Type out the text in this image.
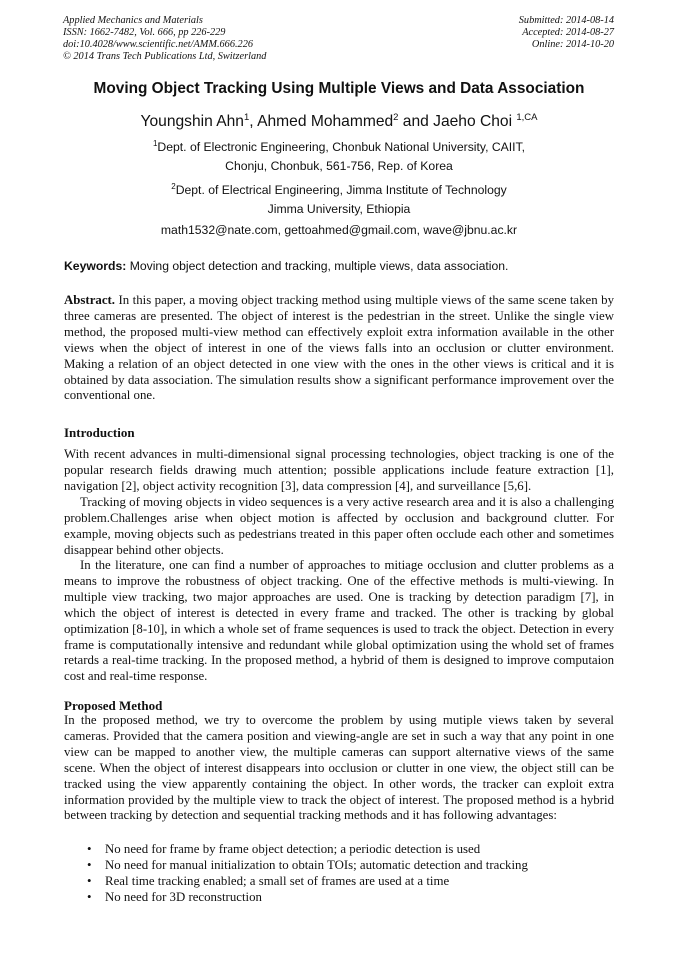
Applied Mechanics and Materials
ISSN: 1662-7482, Vol. 666, pp 226-229
doi:10.4028/www.scientific.net/AMM.666.226
© 2014 Trans Tech Publications Ltd, Switzerland
Submitted: 2014-08-14
Accepted: 2014-08-27
Online: 2014-10-20
Moving Object Tracking Using Multiple Views and Data Association
Youngshin Ahn$^1$, Ahmed Mohammed$^2$ and Jaeho Choi $^{1,CA}$
$^1$Dept. of Electronic Engineering, Chonbuk National University, CAIIT,
Chonju, Chonbuk, 561-756, Rep. of Korea
$^2$Dept. of Electrical Engineering, Jimma Institute of Technology
Jimma University, Ethiopia
math1532@nate.com, gettoahmed@gmail.com, wave@jbnu.ac.kr
Keywords: Moving object detection and tracking, multiple views, data association.
Abstract. In this paper, a moving object tracking method using multiple views of the same scene taken by three cameras are presented. The object of interest is the pedestrian in the street. Unlike the single view method, the proposed multi-view method can effectively exploit extra information available in the other views when the object of interest in one of the views falls into an occlusion or clutter environment. Making a relation of an object detected in one view with the ones in the other views is critical and it is obtained by data association. The simulation results show a significant performance improvement over the conventional one.
Introduction
With recent advances in multi-dimensional signal processing technologies, object tracking is one of the popular research fields drawing much attention; possible applications include feature extraction [1], navigation [2], object activity recognition [3], data compression [4], and surveillance [5,6].
Tracking of moving objects in video sequences is a very active research area and it is also a challenging problem.Challenges arise when object motion is affected by occlusion and background clutter. For example, moving objects such as pedestrians treated in this paper often occlude each other and sometimes disappear behind other objects.
In the literature, one can find a number of approaches to mitiage occlusion and clutter problems as a means to improve the robustness of object tracking. One of the effective methods is multi-viewing. In multiple view tracking, two major approaches are used. One is tracking by detection paradigm [7], in which the object of interest is detected in every frame and tracked. The other is tracking by global optimization [8-10], in which a whole set of frame sequences is used to track the object. Detection in every frame is computationally intensive and redundant while global optimization using the whold set of frames retards a real-time tracking. In the proposed method, a hybrid of them is designed to improve computaion cost and real-time response.
Proposed Method
In the proposed method, we try to overcome the problem by using mutiple views taken by several cameras. Provided that the camera position and viewing-angle are set in such a way that any point in one view can be mapped to another view, the multiple cameras can support alternative views of the same scene. When the object of interest disappears into occlusion or clutter in one view, the object still can be tracked using the view apparently containing the object. In other words, the tracker can exploit extra information provided by the multiple view to track the object of interest. The proposed method is a hybrid between tracking by detection and sequential tracking methods and it has following advantages:
• No need for frame by frame object detection; a periodic detection is used
• No need for manual initialization to obtain TOIs; automatic detection and tracking
• Real time tracking enabled; a small set of frames are used at a time
• No need for 3D reconstruction
